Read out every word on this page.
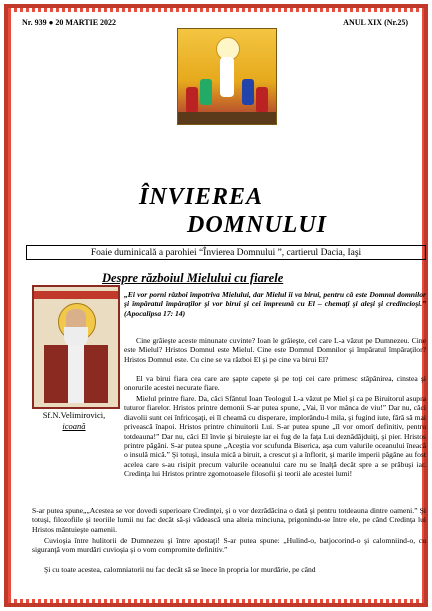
Nr. 939 ● 20 MARTIE 2022	ANUL XIX (Nr.25)
ÎNVIEREA
DOMNULUI
Foaie duminicală a parohiei “Învierea Domnului ”, cartierul Dacia, Iaşi
Despre războiul Mielului cu fiarele
Sf.N.Velimirovici,
icoană

„Ei vor porni război împotriva Mielului, dar Mielul îi va birui, pentru că este Domnul domnilor şi împăratul împăraţilor şi vor birui şi cei împreună cu El – chemaţi şi aleşi şi credincioşi.” (Apocalipsa 17: 14)

Cine grăieşte aceste minunate cuvinte? Ioan le grăieşte, cel care L-a văzut pe Dumnezeu. Cine este Mielul? Hristos Domnul este Mielul. Cine este Domnul Domnilor şi împăratul împăraţilor? Hristos Domnul este. Cu cine se va război El şi pe cine va birui El?

El va birui fiara cea care are şapte capete şi pe toţi cei care primesc stăpânirea, cinstea şi onorurile acestei necurate fiare.

Mielul printre fiare. Da, căci Sfântul Ioan Teologul L-a văzut pe Miel şi ca pe Biruitorul asupra tuturor fiarelor. Hristos printre demonii S-ar putea spune, „Vai, îl vor mânca de viu!” Dar nu, căci diavolii sunt cei înfricoşaţi, ei îl cheamă cu disperare, implorându-l mila, şi fugind iute, fără să mai privească înapoi. Hristos printre chinuitorii Lui. S-ar putea spune „îl vor omorî definitiv, pentru totdeauna!” Dar nu, căci El învie şi biruieşte iar ei fug de la faţa Lui deznădăjduiţi, şi pier. Hristos printre păgâni. S-ar putea spune „Aceştia vor scufunda Biserica, aşa cum valurile oceanului îneacă o insulă mică.” Şi totuşi, insula mică a biruit, a crescut şi a înflorit, şi marile imperii păgâne au fost acelea care s-au risipit precum valurile oceanului care nu se înalţă decât spre a se prăbuşi iar. Credinţa lui Hristos printre zgomotoasele filosofii şi teorii ale acestei lumi!

S-ar putea spune„„Acestea se vor dovedi superioare Credinţei, şi o vor dezrădăcina o dată şi pentru totdeauna dintre oameni.” Şi totuşi, filozofiile şi teoriile lumii nu fac decât să-şi vădească una alteia minciuna, prigonindu-se între ele, pe când Credinţa lui Hristos mântuieşte oamenii.

Cuvioşia între hulitorii de Dumnezeu şi între apostaţi! S-ar putea spune: „Hulind-o, batjocorind-o şi calomniind-o, cu siguranţă vom murdări cuvioşia şi o vom compromite definitiv.”

Şi cu toate acestea, calomniatorii nu fac decât să se înece în propria lor murdărie, pe când
